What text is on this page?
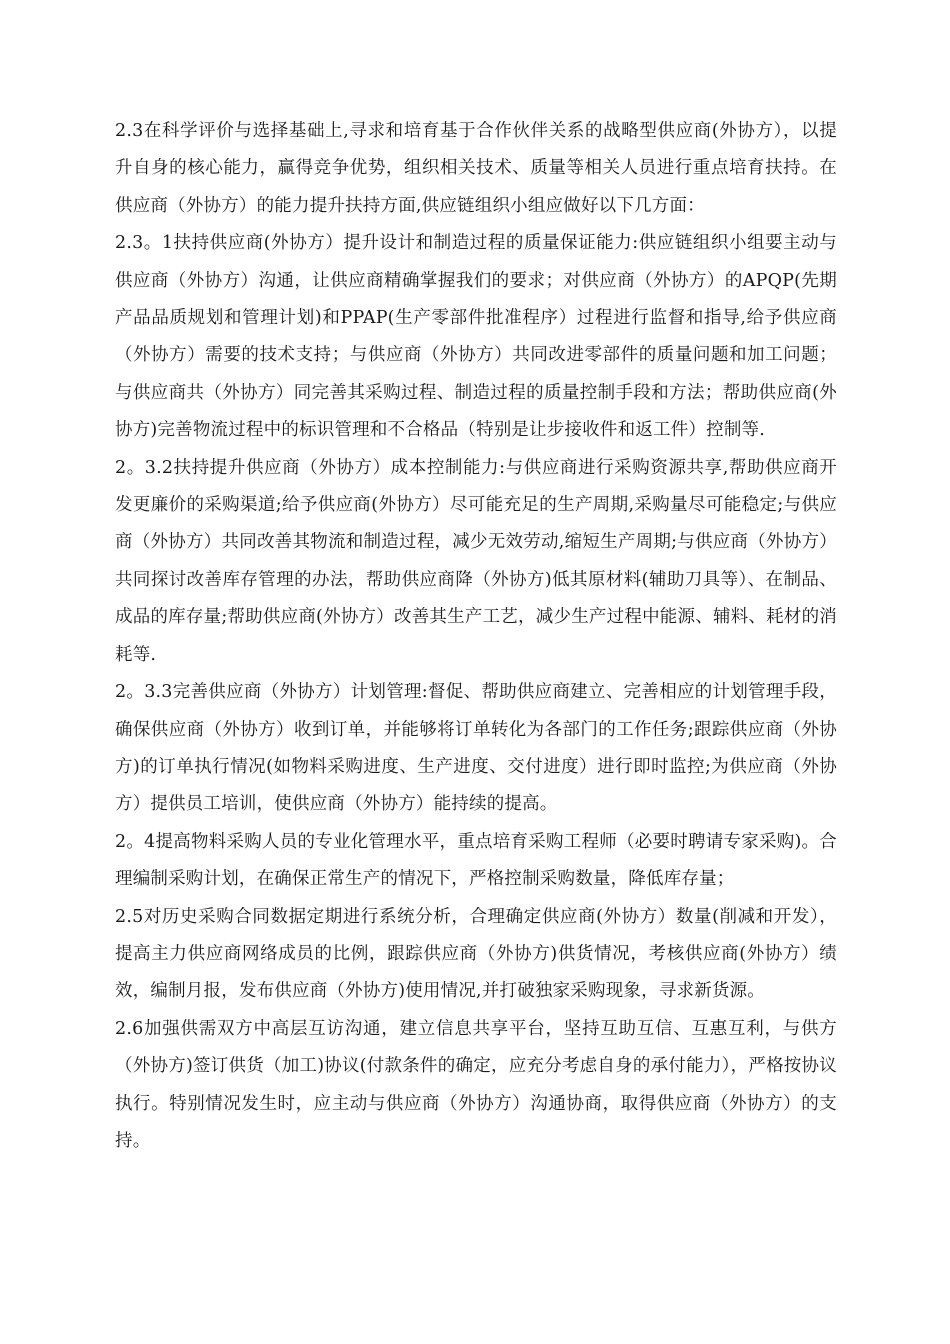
2.3在科学评价与选择基础上,寻求和培育基于合作伙伴关系的战略型供应商(外协方），以提升自身的核心能力，赢得竞争优势，组织相关技术、质量等相关人员进行重点培育扶持。在供应商（外协方）的能力提升扶持方面,供应链组织小组应做好以下几方面：

2.3。1扶持供应商(外协方）提升设计和制造过程的质量保证能力:供应链组织小组要主动与供应商（外协方）沟通，让供应商精确掌握我们的要求；对供应商（外协方）的APQP(先期产品品质规划和管理计划)和PPAP(生产零部件批准程序）过程进行监督和指导,给予供应商（外协方）需要的技术支持；与供应商（外协方）共同改进零部件的质量问题和加工问题；与供应商共（外协方）同完善其采购过程、制造过程的质量控制手段和方法；帮助供应商(外协方)完善物流过程中的标识管理和不合格品（特别是让步接收件和返工件）控制等.

2。3.2扶持提升供应商（外协方）成本控制能力:与供应商进行采购资源共享,帮助供应商开发更廉价的采购渠道;给予供应商(外协方）尽可能充足的生产周期,采购量尽可能稳定;与供应商（外协方）共同改善其物流和制造过程，减少无效劳动,缩短生产周期;与供应商（外协方）共同探讨改善库存管理的办法，帮助供应商降（外协方)低其原材料(辅助刀具等）、在制品、成品的库存量;帮助供应商(外协方）改善其生产工艺，减少生产过程中能源、辅料、耗材的消耗等.

2。3.3完善供应商（外协方）计划管理:督促、帮助供应商建立、完善相应的计划管理手段，确保供应商（外协方）收到订单，并能够将订单转化为各部门的工作任务;跟踪供应商（外协方)的订单执行情况(如物料采购进度、生产进度、交付进度）进行即时监控;为供应商（外协方）提供员工培训，使供应商（外协方）能持续的提高。

2。4提高物料采购人员的专业化管理水平，重点培育采购工程师（必要时聘请专家采购)。合理编制采购计划，在确保正常生产的情况下，严格控制采购数量，降低库存量；

2.5对历史采购合同数据定期进行系统分析，合理确定供应商(外协方）数量(削减和开发），提高主力供应商网络成员的比例，跟踪供应商（外协方)供货情况，考核供应商(外协方）绩效，编制月报，发布供应商（外协方)使用情况,并打破独家采购现象，寻求新货源。

2.6加强供需双方中高层互访沟通，建立信息共享平台，坚持互助互信、互惠互利，与供方（外协方)签订供货（加工)协议(付款条件的确定，应充分考虑自身的承付能力），严格按协议执行。特别情况发生时，应主动与供应商（外协方）沟通协商，取得供应商（外协方）的支持。
